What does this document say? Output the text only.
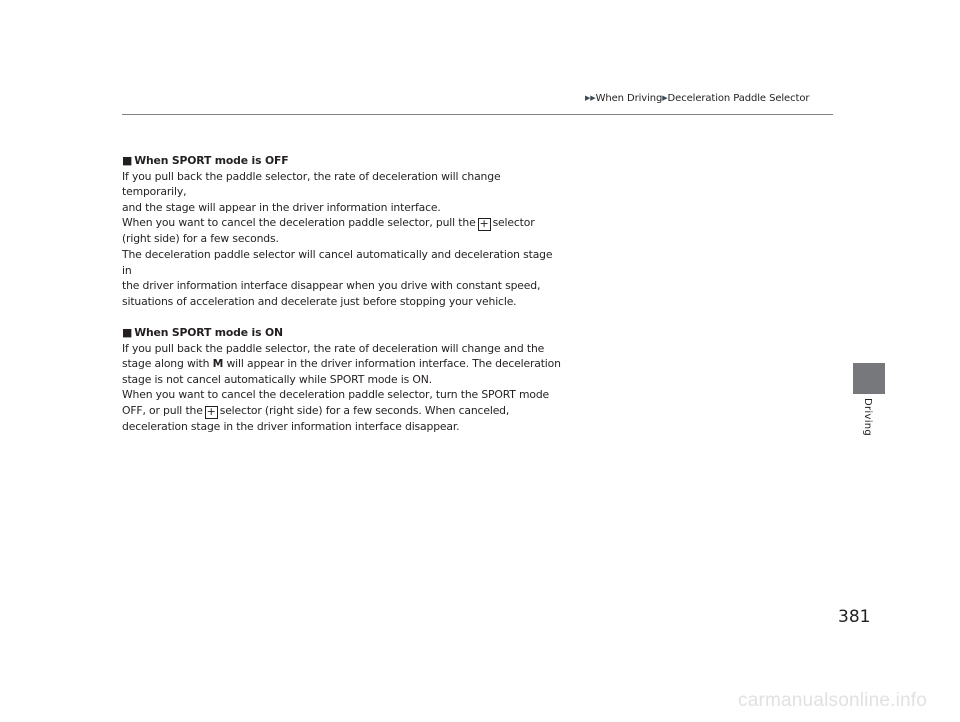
▶▶When Driving▶Deceleration Paddle Selector
Driving

■ When SPORT mode is OFF

If you pull back the paddle selector, the rate of deceleration will change temporarily,

and the stage will appear in the driver information interface.

When you want to cancel the deceleration paddle selector, pull the + selector

(right side) for a few seconds.

The deceleration paddle selector will cancel automatically and deceleration stage in

the driver information interface disappear when you drive with constant speed,

situations of acceleration and decelerate just before stopping your vehicle.

■ When SPORT mode is ON

If you pull back the paddle selector, the rate of deceleration will change and the

stage along with M will appear in the driver information interface. The deceleration

stage is not cancel automatically while SPORT mode is ON.

When you want to cancel the deceleration paddle selector, turn the SPORT mode

OFF, or pull the + selector (right side) for a few seconds. When canceled,

deceleration stage in the driver information interface disappear.

381
carmanualsonline.info
